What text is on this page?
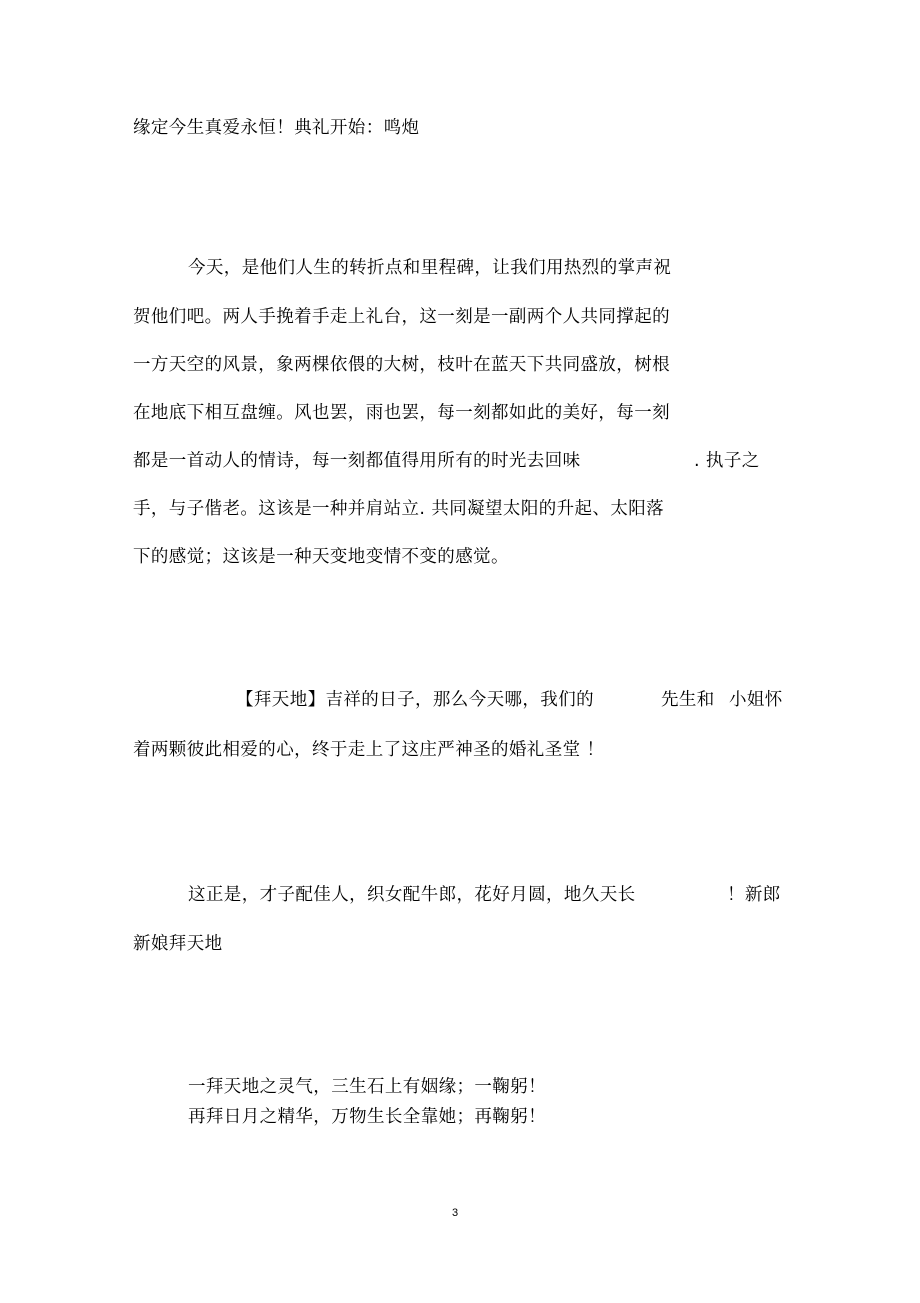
缘定今生真爱永恒！典礼开始：鸣炮
今天，是他们人生的转折点和里程碑，让我们用热烈的掌声祝
贺他们吧。两人手挽着手走上礼台，这一刻是一副两个人共同撑起的
一方天空的风景，象两棵依偎的大树，枝叶在蓝天下共同盛放，树根
在地底下相互盘缠。风也罢，雨也罢，每一刻都如此的美好，每一刻
都是一首动人的情诗，每一刻都值得用所有的时光去回味	. 执子之
手，与子偕老。这该是一种并肩站立. 共同凝望太阳的升起、太阳落
下的感觉；这该是一种天变地变情不变的感觉。
【拜天地】吉祥的日子，那么今天哪，我们的	先生和 小姐怀
着两颗彼此相爱的心，终于走上了这庄严神圣的婚礼圣堂 ！
这正是，才子配佳人，织女配牛郎，花好月圆，地久天长	！新郎
新娘拜天地
一拜天地之灵气，三生石上有姻缘；一鞠躬！
再拜日月之精华，万物生长全靠她；再鞠躬！
3
